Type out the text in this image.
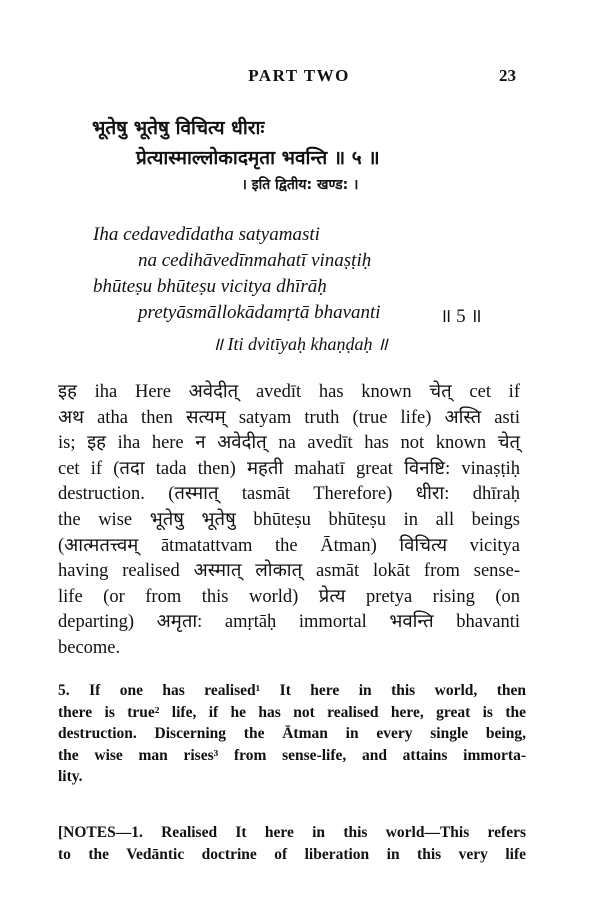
PART TWO	23
भूतेषु भूतेषु विचित्य धीराः
प्रेत्यास्माल्लोकादमृता भवन्ति ॥ ५ ॥
। इति द्वितीय: खण्ड: ।
Iha cedavedīdatha satyamasti
na cedihāvedīnmahatī vinaṣṭiḥ
bhūteṣu bhūteṣu vicitya dhīrāḥ
pretyāsmāllokādamṛtā bhavanti	॥ 5 ॥
॥ Iti dvitīyaḥ khaṇḍaḥ ॥
इह iha Here अवेदीत् avedīt has known चेत् cet if
अथ atha then सत्यम् satyam truth (true life) अस्ति asti
is; इह iha here न अवेदीत् na avedīt has not known चेत्
cet if (तदा tada then) महती mahatī great विनष्टि: vinaṣṭiḥ
destruction. (तस्मात् tasmāt Therefore) धीरा: dhīraḥ
the wise भूतेषु भूतेषु bhūteṣu bhūteṣu in all beings
(आत्मतत्त्वम् ātmatattvam the Ātman) विचित्य vicitya
having realised अस्मात् लोकात् asmāt lokāt from sense-
life (or from this world) प्रेत्य pretya rising (on
departing) अमृता: amṛtāḥ immortal भवन्ति bhavanti
become.
5. If one has realised¹ It here in this world, then
there is true² life, if he has not realised here, great is the
destruction. Discerning the Ātman in every single being,
the wise man rises³ from sense-life, and attains immorta-
lity.
[NOTES—1. Realised It here in this world—This refers
to the Vedāntic doctrine of liberation in this very life
